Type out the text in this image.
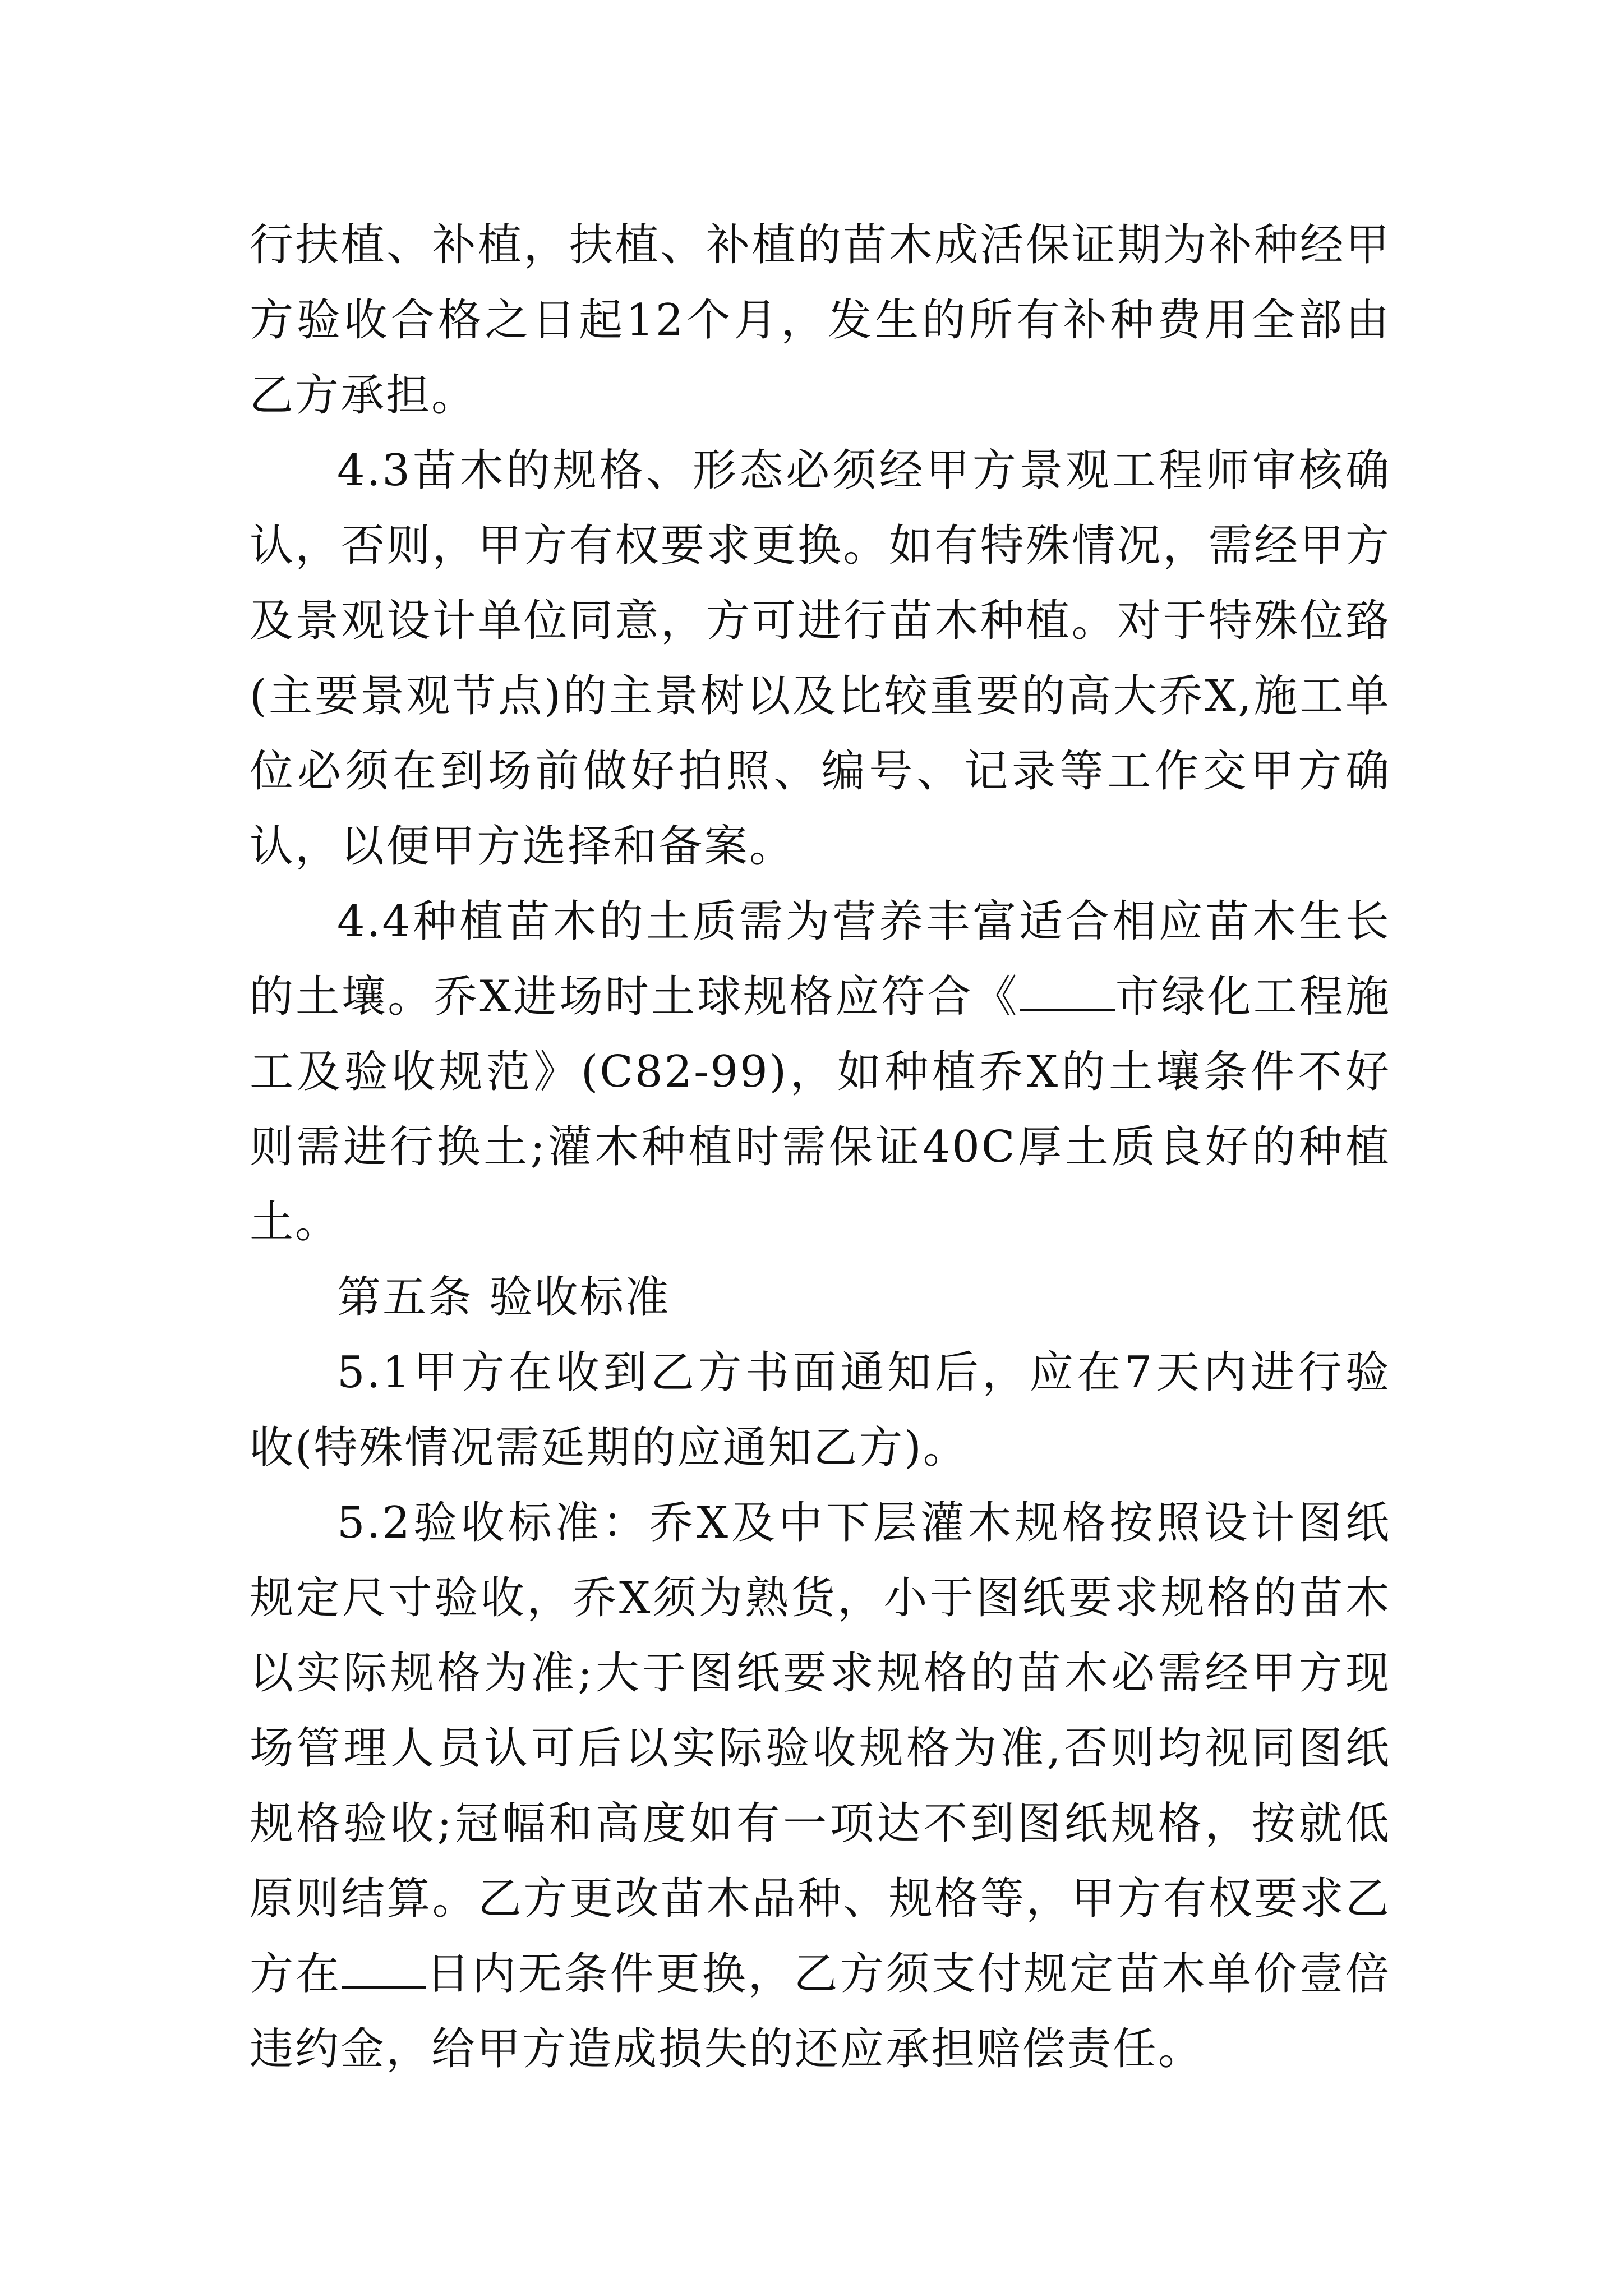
行扶植、补植，扶植、补植的苗木成活保证期为补种经甲方验收合格之日起12个月，发生的所有补种费用全部由乙方承担。

4.3苗木的规格、形态必须经甲方景观工程师审核确认，否则，甲方有权要求更换。如有特殊情况，需经甲方及景观设计单位同意，方可进行苗木种植。对于特殊位臵(主要景观节点)的主景树以及比较重要的高大乔X,施工单位必须在到场前做好拍照、编号、记录等工作交甲方确认，以便甲方选择和备案。

4.4种植苗木的土质需为营养丰富适合相应苗木生长的土壤。乔X进场时土球规格应符合《 市绿化工程施工及验收规范》(C82-99)，如种植乔X的土壤条件不好则需进行换土;灌木种植时需保证40C厚土质良好的种植土。

第五条 验收标准

5.1甲方在收到乙方书面通知后，应在7天内进行验收(特殊情况需延期的应通知乙方)。

5.2验收标准：乔X及中下层灌木规格按照设计图纸规定尺寸验收，乔X须为熟货，小于图纸要求规格的苗木以实际规格为准;大于图纸要求规格的苗木必需经甲方现场管理人员认可后以实际验收规格为准,否则均视同图纸规格验收;冠幅和高度如有一项达不到图纸规格，按就低原则结算。乙方更改苗木品种、规格等，甲方有权要求乙方在 日内无条件更换，乙方须支付规定苗木单价壹倍违约金，给甲方造成损失的还应承担赔偿责任。
